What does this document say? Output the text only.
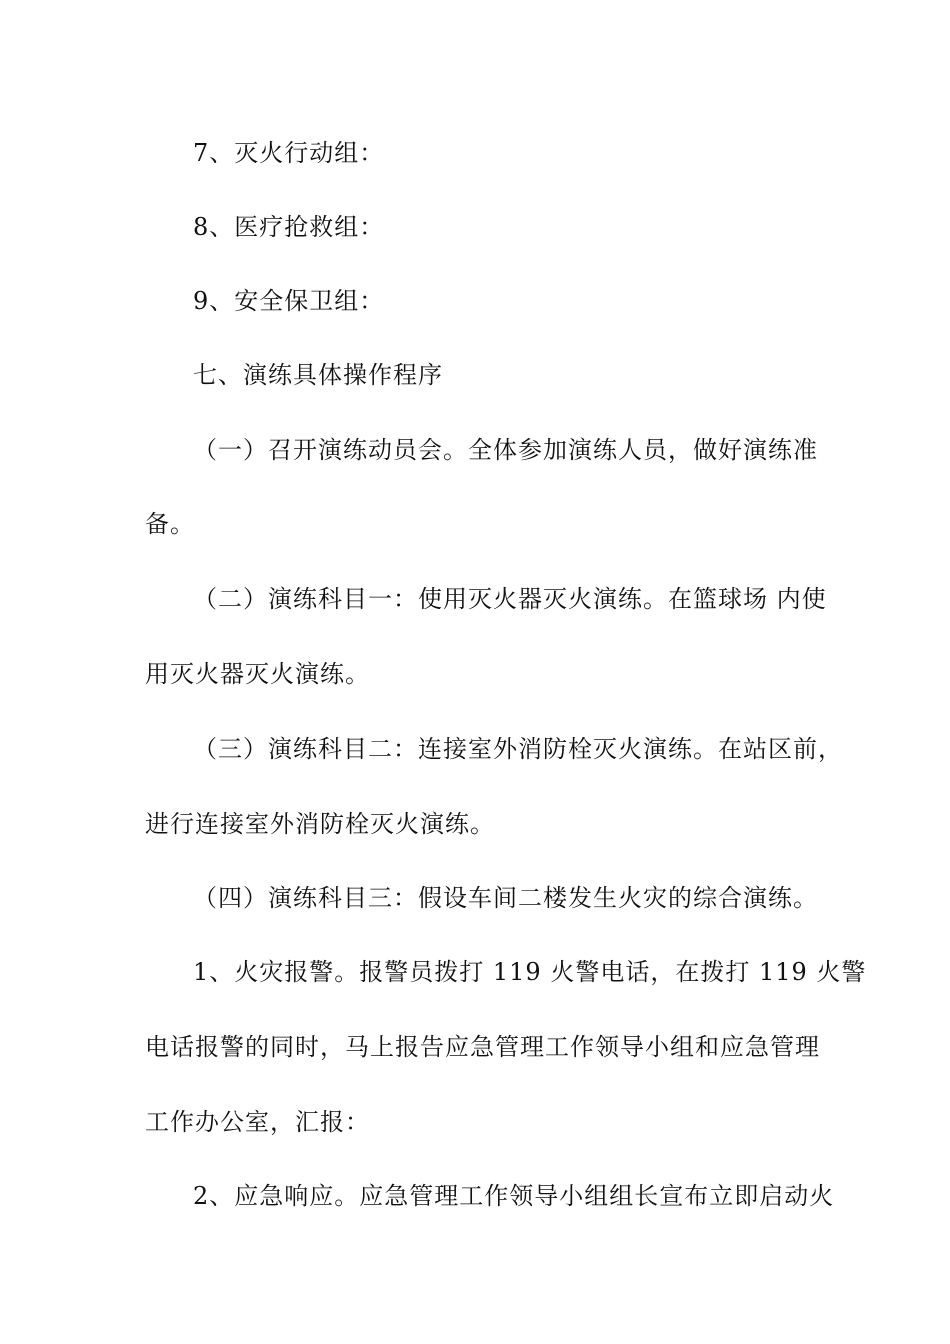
7、灭火行动组：
8、医疗抢救组：
9、安全保卫组：
七、演练具体操作程序
（一）召开演练动员会。全体参加演练人员，做好演练准
备。
（二）演练科目一：使用灭火器灭火演练。在篮球场 内使
用灭火器灭火演练。
（三）演练科目二：连接室外消防栓灭火演练。在站区前，
进行连接室外消防栓灭火演练。
（四）演练科目三：假设车间二楼发生火灾的综合演练。
1、火灾报警。报警员拨打 119 火警电话，在拨打 119 火警
电话报警的同时，马上报告应急管理工作领导小组和应急管理
工作办公室，汇报：
2、应急响应。应急管理工作领导小组组长宣布立即启动火
